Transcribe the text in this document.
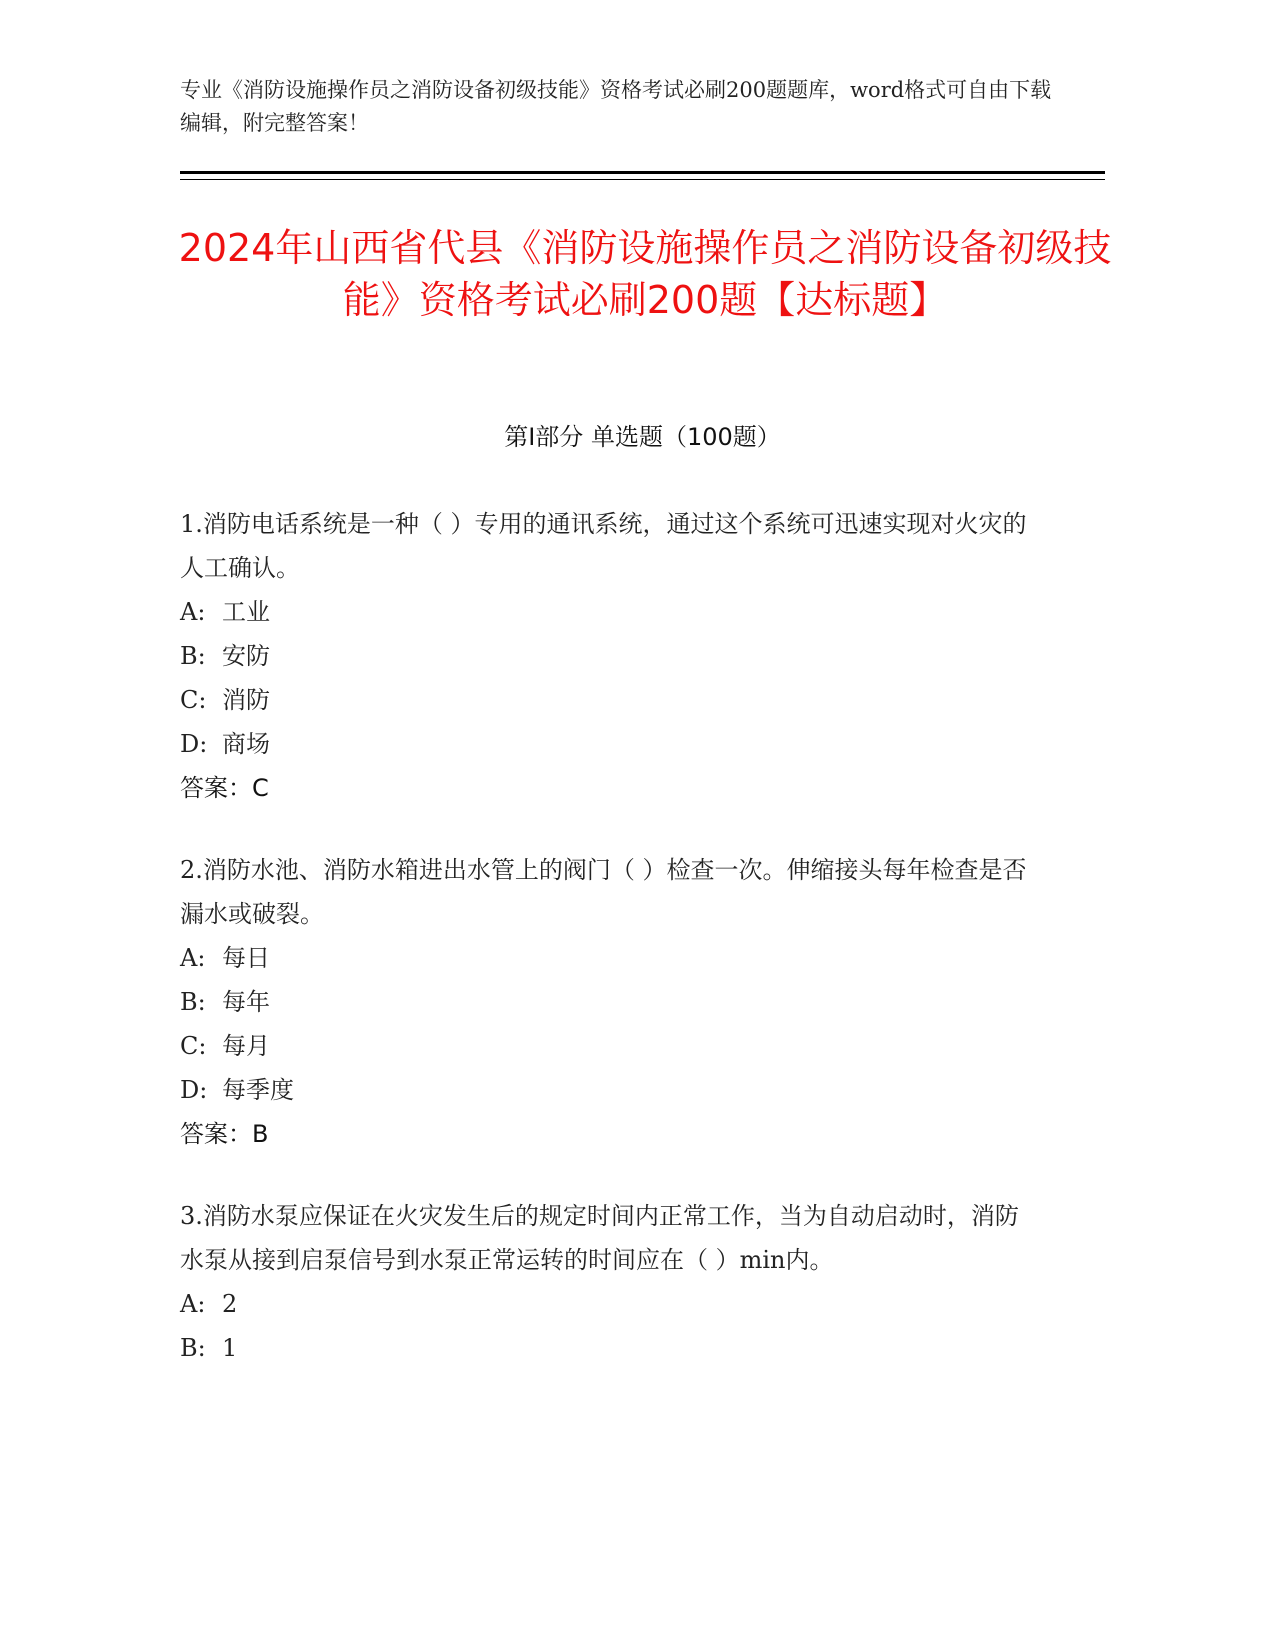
专业《消防设施操作员之消防设备初级技能》资格考试必刷200题题库，word格式可自由下载编辑，附完整答案！
2024年山西省代县《消防设施操作员之消防设备初级技能》资格考试必刷200题【达标题】
第I部分 单选题（100题）
1.消防电话系统是一种（ ）专用的通讯系统，通过这个系统可迅速实现对火灾的人工确认。
A: 工业
B: 安防
C: 消防
D: 商场
答案：C
2.消防水池、消防水箱进出水管上的阀门（ ）检查一次。伸缩接头每年检查是否漏水或破裂。
A: 每日
B: 每年
C: 每月
D: 每季度
答案：B
3.消防水泵应保证在火灾发生后的规定时间内正常工作，当为自动启动时，消防水泵从接到启泵信号到水泵正常运转的时间应在（ ）min内。
A: 2
B: 1
